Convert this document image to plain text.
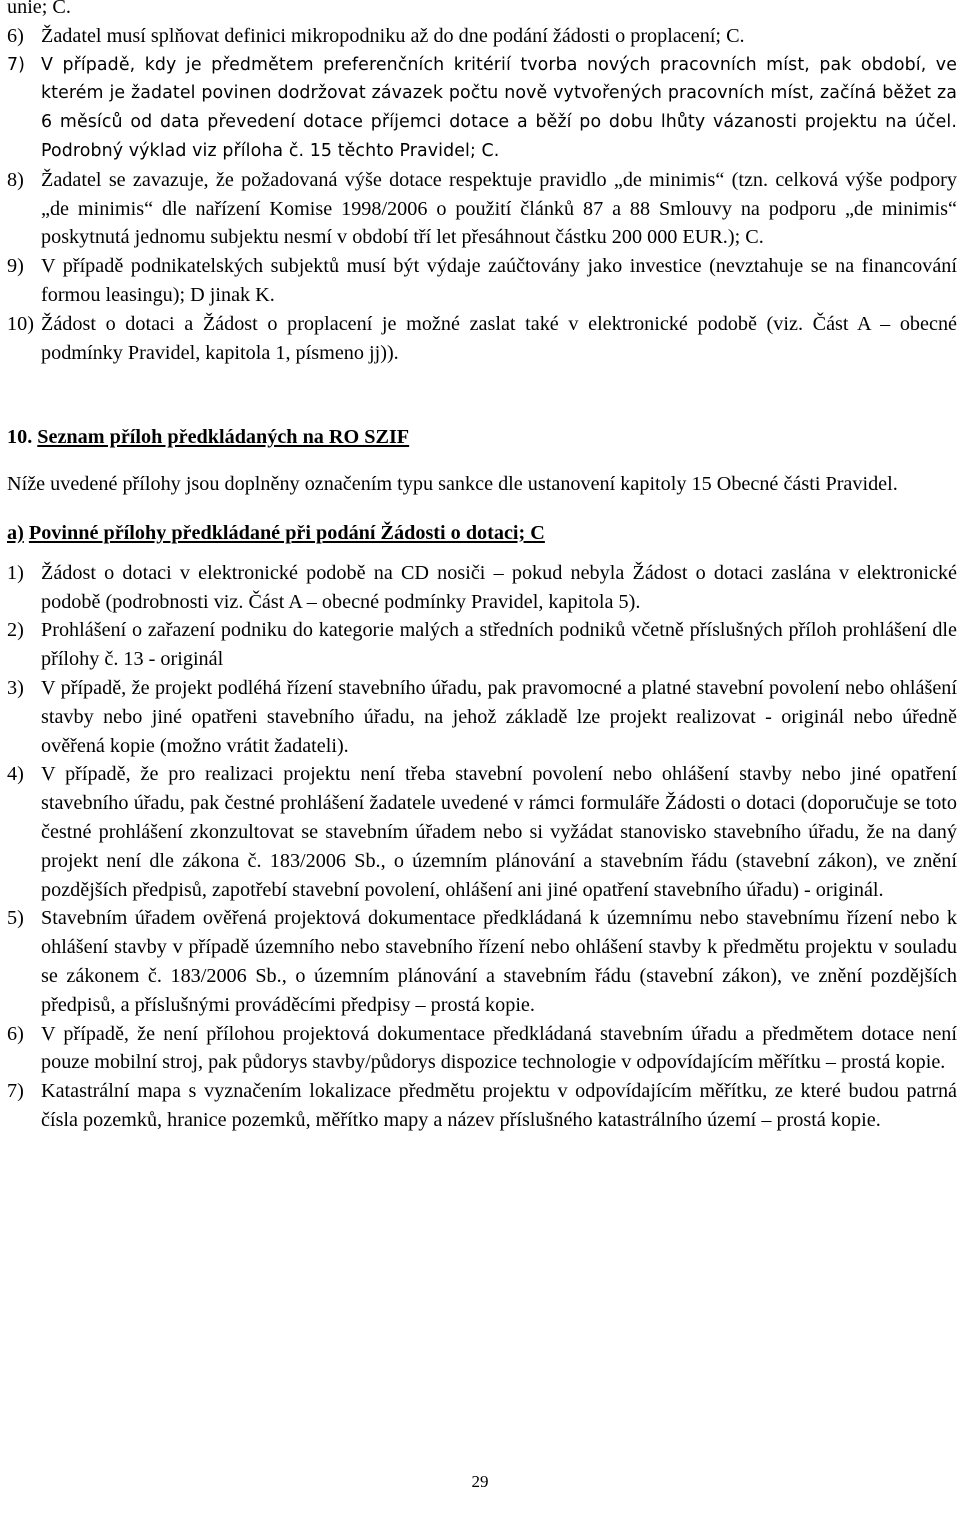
unie; C.

6) Žadatel musí splňovat definici mikropodniku až do dne podání žádosti o proplacení; C.
7) V případě, kdy je předmětem preferenčních kritérií tvorba nových pracovních míst, pak období, ve kterém je žadatel povinen dodržovat závazek počtu nově vytvořených pracovních míst, začíná běžet za 6 měsíců od data převedení dotace příjemci dotace a běží po dobu lhůty vázanosti projektu na účel. Podrobný výklad viz příloha č. 15 těchto Pravidel; C.
8) Žadatel se zavazuje, že požadovaná výše dotace respektuje pravidlo „de minimis“ (tzn. celková výše podpory „de minimis“ dle nařízení Komise 1998/2006 o použití článků 87 a 88 Smlouvy na podporu „de minimis“ poskytnutá jednomu subjektu nesmí v období tří let přesáhnout částku 200 000 EUR.); C.
9) V případě podnikatelských subjektů musí být výdaje zaúčtovány jako investice (nevztahuje se na financování formou leasingu); D jinak K.
10) Žádost o dotaci a Žádost o proplacení je možné zaslat také v elektronické podobě (viz. Část A – obecné podmínky Pravidel, kapitola 1, písmeno jj)).

10. Seznam příloh předkládaných na RO SZIF

Níže uvedené přílohy jsou doplněny označením typu sankce dle ustanovení kapitoly 15 Obecné části Pravidel.

a) Povinné přílohy předkládané při podání Žádosti o dotaci; C

1) Žádost o dotaci v elektronické podobě na CD nosiči – pokud nebyla Žádost o dotaci zaslána v elektronické podobě (podrobnosti viz. Část A – obecné podmínky Pravidel, kapitola 5).
2) Prohlášení o zařazení podniku do kategorie malých a středních podniků včetně příslušných příloh prohlášení dle přílohy č. 13 - originál
3) V případě, že projekt podléhá řízení stavebního úřadu, pak pravomocné a platné stavební povolení nebo ohlášení stavby nebo jiné opatřeni stavebního úřadu, na jehož základě lze projekt realizovat - originál nebo úředně ověřená kopie (možno vrátit žadateli).
4) V případě, že pro realizaci projektu není třeba stavební povolení nebo ohlášení stavby nebo jiné opatření stavebního úřadu, pak čestné prohlášení žadatele uvedené v rámci formuláře Žádosti o dotaci (doporučuje se toto čestné prohlášení zkonzultovat se stavebním úřadem nebo si vyžádat stanovisko stavebního úřadu, že na daný projekt není dle zákona č. 183/2006 Sb., o územním plánování a stavebním řádu (stavební zákon), ve znění pozdějších předpisů, zapotřebí stavební povolení, ohlášení ani jiné opatření stavebního úřadu) - originál.
5) Stavebním úřadem ověřená projektová dokumentace předkládaná k územnímu nebo stavebnímu řízení nebo k ohlášení stavby v případě územního nebo stavebního řízení nebo ohlášení stavby k předmětu projektu v souladu se zákonem č. 183/2006 Sb., o územním plánování a stavebním řádu (stavební zákon), ve znění pozdějších předpisů, a příslušnými prováděcími předpisy – prostá kopie.
6) V případě, že není přílohou projektová dokumentace předkládaná stavebním úřadu a předmětem dotace není pouze mobilní stroj, pak půdorys stavby/půdorys dispozice technologie v odpovídajícím měřítku – prostá kopie.
7) Katastrální mapa s vyznačením lokalizace předmětu projektu v odpovídajícím měřítku, ze které budou patrná čísla pozemků, hranice pozemků, měřítko mapy a název příslušného katastrálního území – prostá kopie.
29
